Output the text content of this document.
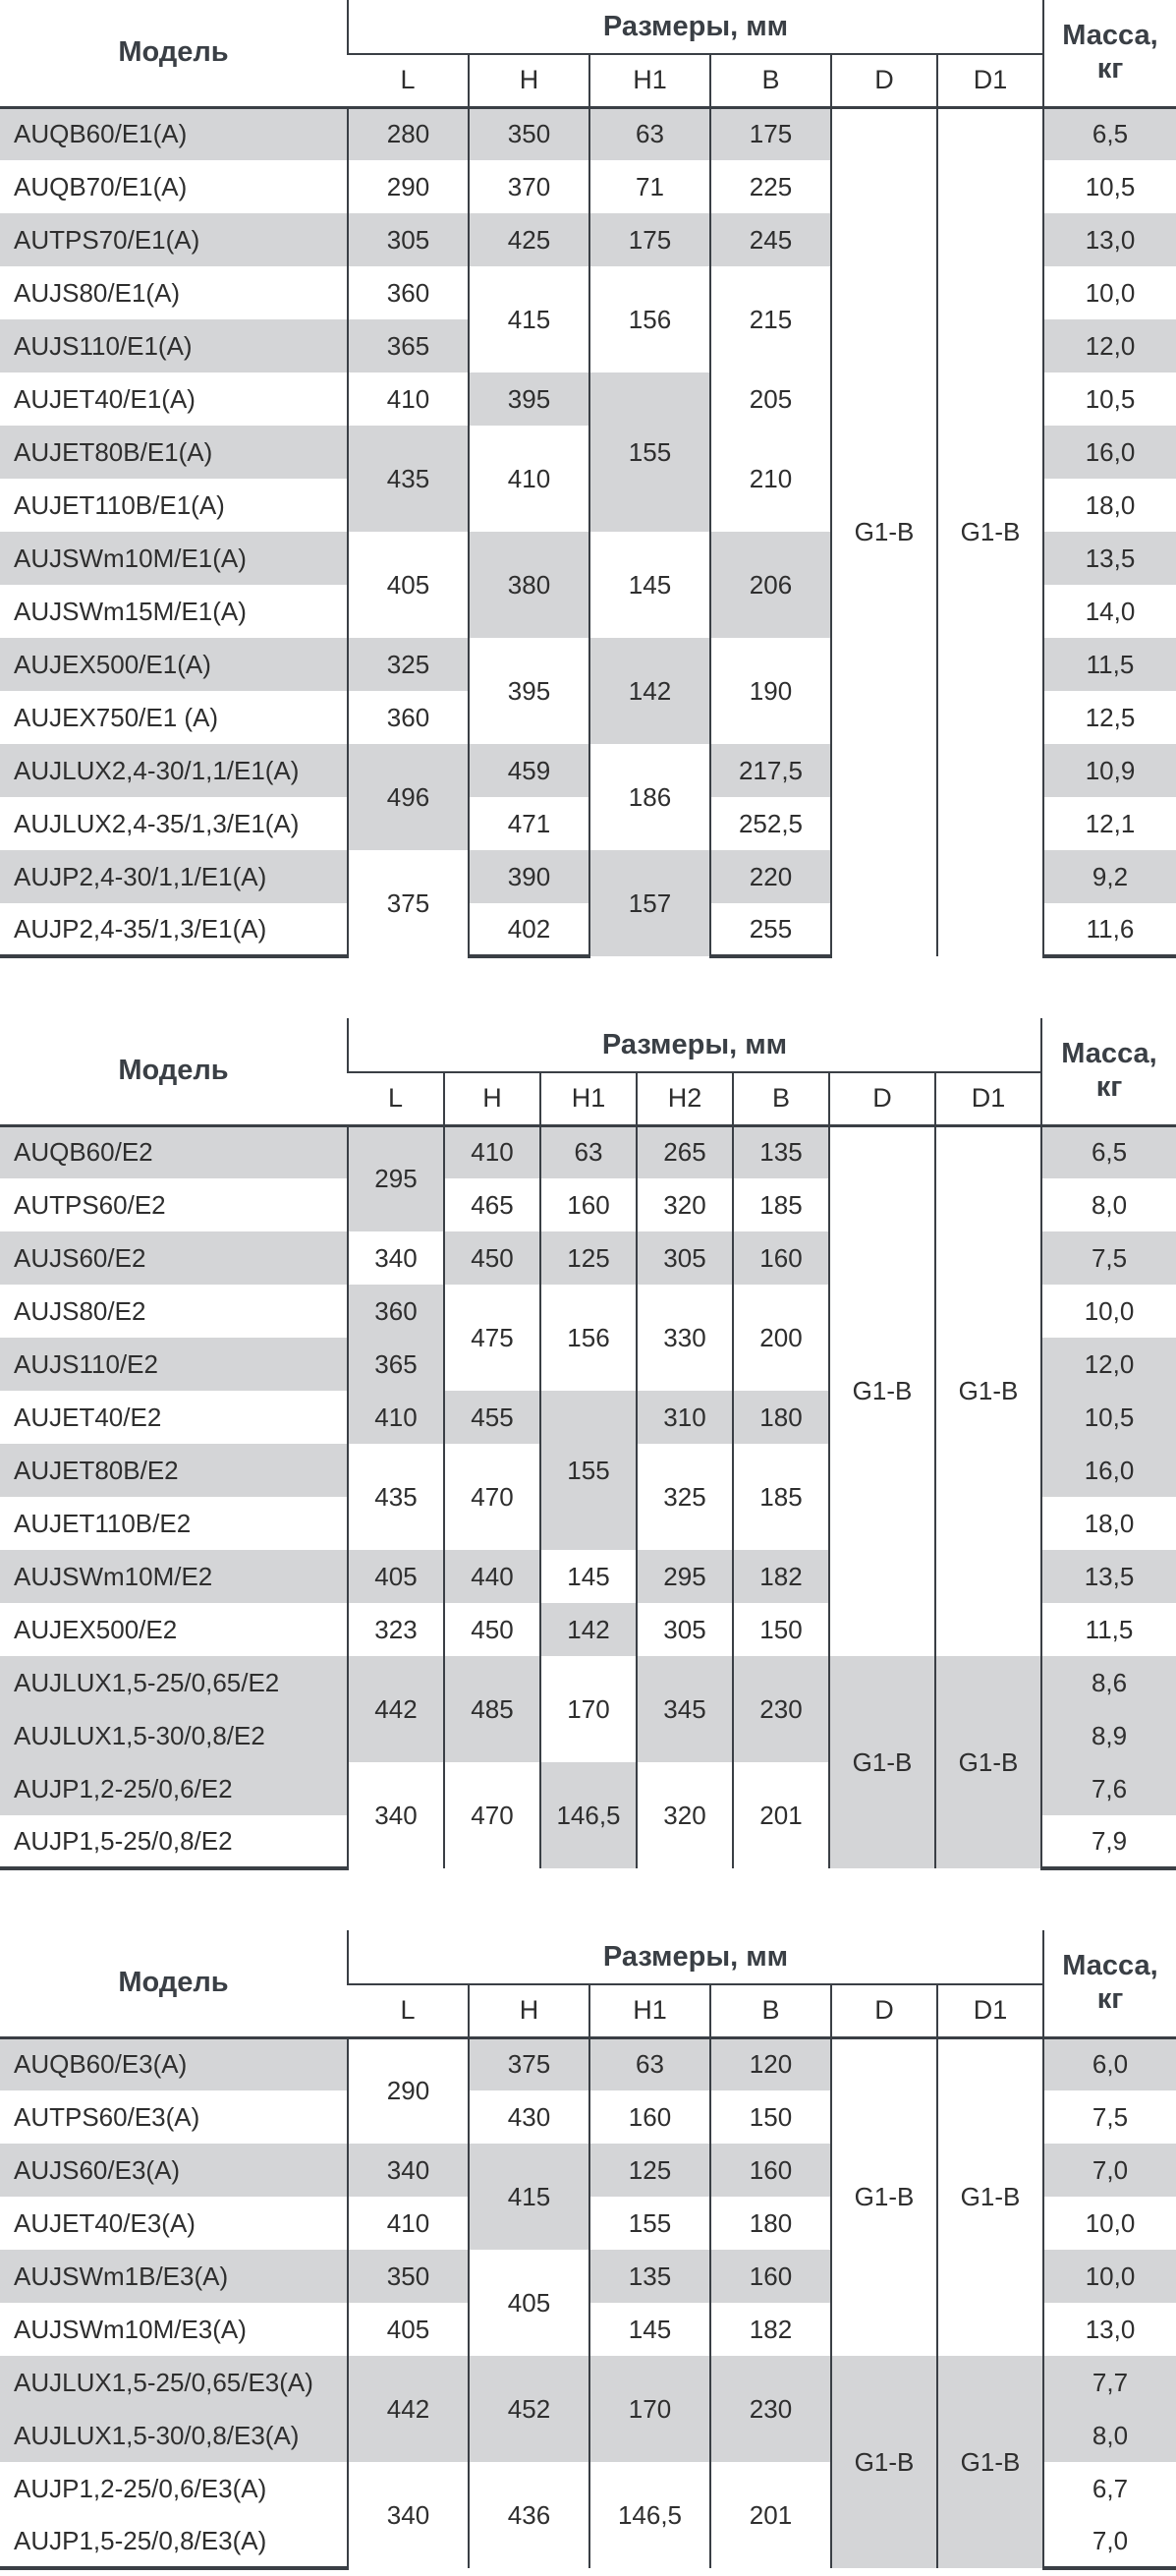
Модель	Размеры, мм						Масса,
кг
	L	H	H1	B	D	D1	
AUQB60/E1(A)	280	350	63	175	G1-B	G1-B	6,5
AUQB70/E1(A)	290	370	71	225			10,5
AUTPS70/E1(A)	305	425	175	245			13,0
AUJS80/E1(A)	360	415	156	215			10,0
AUJS110/E1(A)	365						12,0
AUJET40/E1(A)	410	395	155	205			10,5
AUJET80B/E1(A)	435	410		210			16,0
AUJET110B/E1(A)							18,0
AUJSWm10M/E1(A)	405	380	145	206			13,5
AUJSWm15M/E1(A)							14,0
AUJEX500/E1(A)	325	395	142	190			11,5
AUJEX750/E1 (A)	360						12,5
AUJLUX2,4-30/1,1/E1(A)	496	459	186	217,5			10,9
AUJLUX2,4-35/1,3/E1(A)		471		252,5			12,1
AUJP2,4-30/1,1/E1(A)	375	390	157	220			9,2
AUJP2,4-35/1,3/E1(A)		402		255			11,6
Модель	Размеры, мм							Масса,
кг
	L	H	H1	H2	B	D	D1	
AUQB60/E2	295	410	63	265	135	G1-B	G1-B	6,5
AUTPS60/E2		465	160	320	185			8,0
AUJS60/E2	340	450	125	305	160			7,5
AUJS80/E2	360	475	156	330	200			10,0
AUJS110/E2	365							12,0
AUJET40/E2	410	455	155	310	180			10,5
AUJET80B/E2	435	470		325	185			16,0
AUJET110B/E2								18,0
AUJSWm10M/E2	405	440	145	295	182			13,5
AUJEX500/E2	323	450	142	305	150			11,5
AUJLUX1,5-25/0,65/E2	442	485	170	345	230	G1-B	G1-B	8,6
AUJLUX1,5-30/0,8/E2								8,9
AUJP1,2-25/0,6/E2	340	470	146,5	320	201			7,6
AUJP1,5-25/0,8/E2								7,9
Модель	Размеры, мм						Масса,
кг
	L	H	H1	B	D	D1	
AUQB60/E3(A)	290	375	63	120	G1-B	G1-B	6,0
AUTPS60/E3(A)		430	160	150			7,5
AUJS60/E3(A)	340	415	125	160			7,0
AUJET40/E3(A)	410		155	180			10,0
AUJSWm1B/E3(A)	350	405	135	160			10,0
AUJSWm10M/E3(A)	405		145	182			13,0
AUJLUX1,5-25/0,65/E3(A)	442	452	170	230	G1-B	G1-B	7,7
AUJLUX1,5-30/0,8/E3(A)							8,0
AUJP1,2-25/0,6/E3(A)	340	436	146,5	201			6,7
AUJP1,5-25/0,8/E3(A)							7,0
